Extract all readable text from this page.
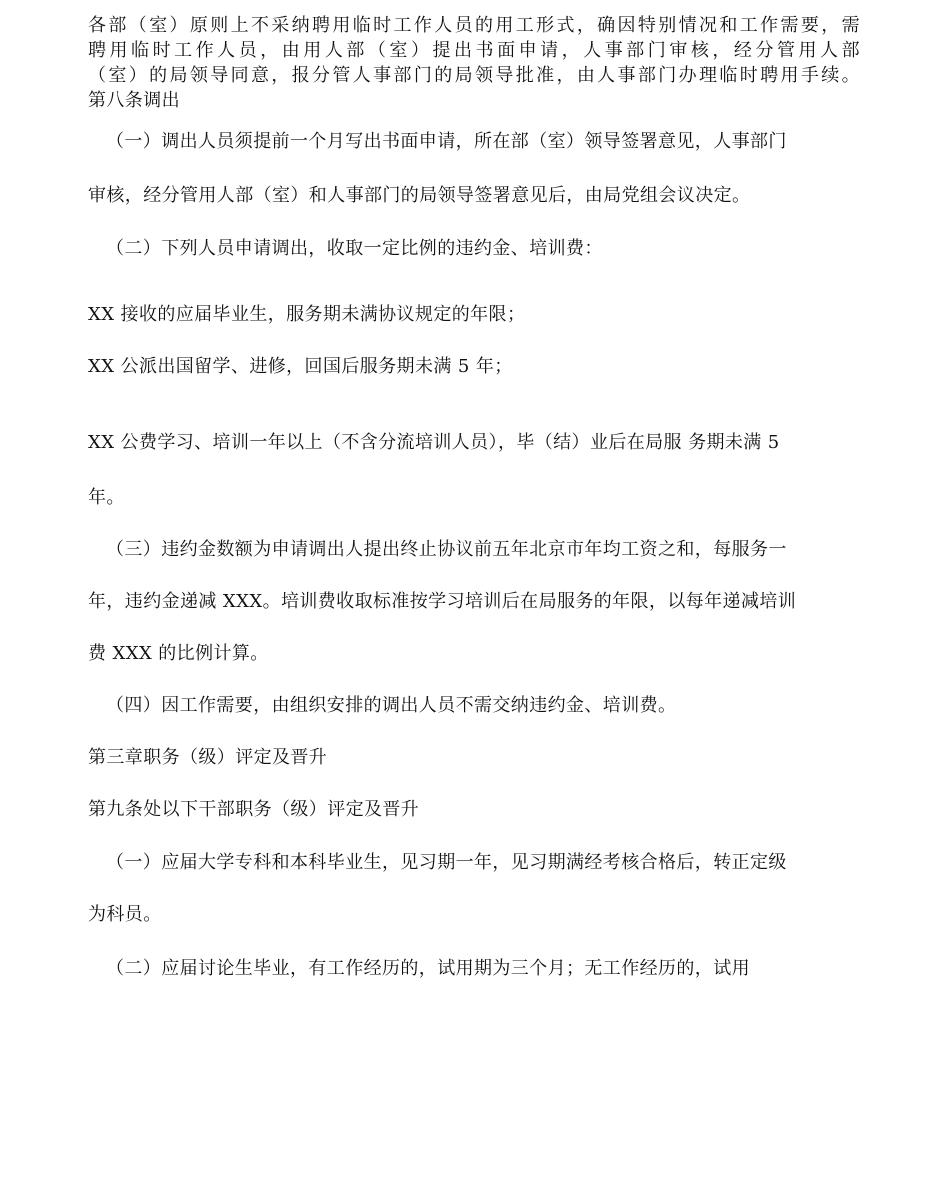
各部（室）原则上不采纳聘用临时工作人员的用工形式，确因特别情况和工作需要，需
聘用临时工作人员，由用人部（室）提出书面申请，人事部门审核，经分管用人部
（室）的局领导同意，报分管人事部门的局领导批准，由人事部门办理临时聘用手续。
第八条调出
（一）调出人员须提前一个月写出书面申请，所在部（室）领导签署意见，人事部门
审核，经分管用人部（室）和人事部门的局领导签署意见后，由局党组会议决定。
（二）下列人员申请调出，收取一定比例的违约金、培训费：
XX 接收的应届毕业生，服务期未满协议规定的年限；
XX 公派出国留学、进修，回国后服务期未满 5 年；
XX 公费学习、培训一年以上（不含分流培训人员），毕（结）业后在局服 务期未满 5
年。
（三）违约金数额为申请调出人提出终止协议前五年北京市年均工资之和，每服务一
年，违约金递减 XXX。培训费收取标准按学习培训后在局服务的年限，以每年递减培训
费 XXX 的比例计算。
（四）因工作需要，由组织安排的调出人员不需交纳违约金、培训费。
第三章职务（级）评定及晋升
第九条处以下干部职务（级）评定及晋升
（一）应届大学专科和本科毕业生，见习期一年，见习期满经考核合格后，转正定级
为科员。
（二）应届讨论生毕业，有工作经历的，试用期为三个月；无工作经历的，试用
